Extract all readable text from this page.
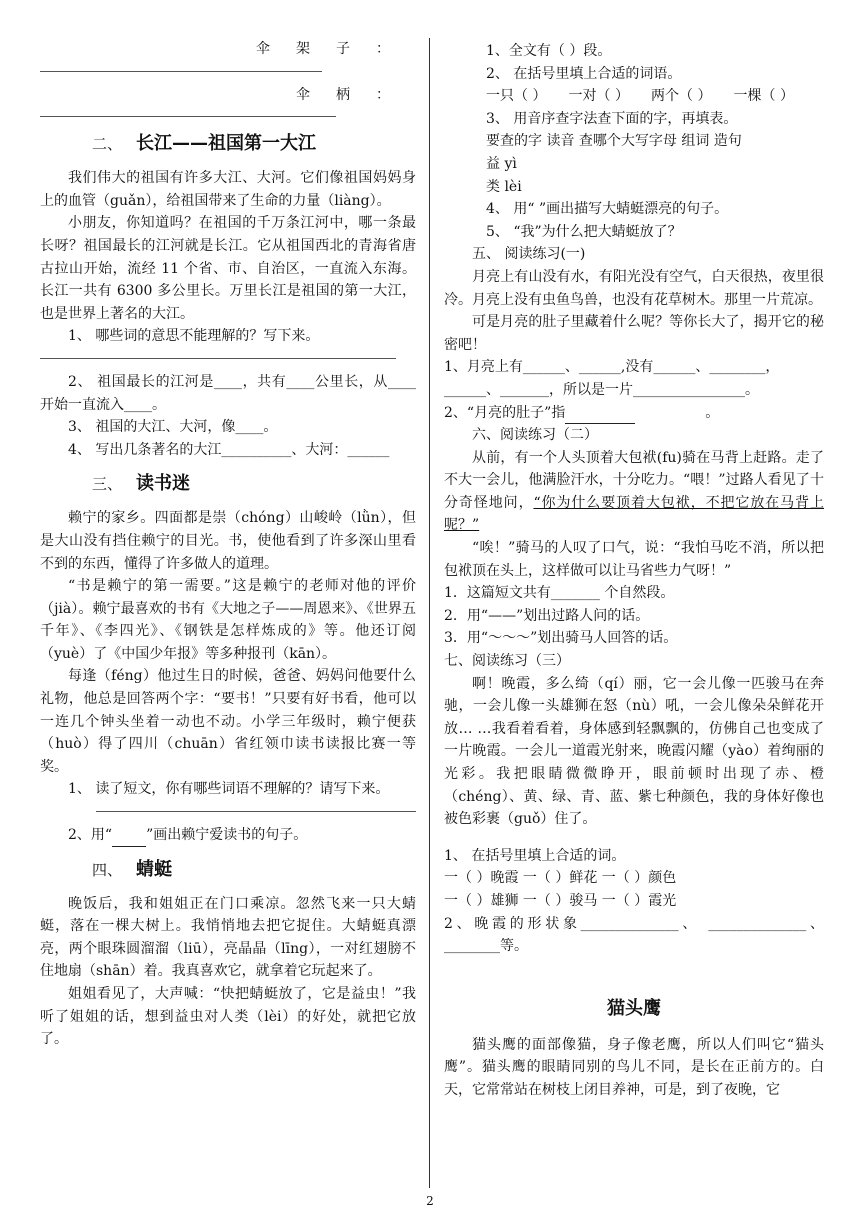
伞架子：

伞柄：

二、 长江——祖国第一大江

我们伟大的祖国有许多大江、大河。它们像祖国妈妈身上的血管（guǎn），给祖国带来了生命的力量（liàng）。

小朋友，你知道吗？在祖国的千万条江河中，哪一条最长呀？祖国最长的江河就是长江。它从祖国西北的青海省唐古拉山开始，流经 11 个省、市、自治区，一直流入东海。长江一共有 6300 多公里长。万里长江是祖国的第一大江，也是世界上著名的大江。

1、 哪些词的意思不能理解的？写下来。

2、 祖国最长的江河是____，共有____公里长，从____开始一直流入____。

3、 祖国的大江、大河，像____。

4、 写出几条著名的大江__________、大河：______

三、 读书迷

赖宁的家乡。四面都是崇（chóng）山峻岭（lǜn），但是大山没有挡住赖宁的目光。书，使他看到了许多深山里看不到的东西，懂得了许多做人的道理。

“书是赖宁的第一需要。”这是赖宁的老师对他的评价（jià）。赖宁最喜欢的书有《大地之子——周恩来》、《世界五千年》、《李四光》、《钢铁是怎样炼成的》等。他还订阅（yuè）了《中国少年报》等多种报刊（kān）。

每逢（féng）他过生日的时候，爸爸、妈妈问他要什么礼物，他总是回答两个字：“要书！”只要有好书看，他可以一连几个钟头坐着一动也不动。小学三年级时，赖宁便获（huò）得了四川（chuān）省红领巾读书读报比赛一等奖。

1、 读了短文，你有哪些词语不理解的？请写下来。

2、用“ ”画出赖宁爱读书的句子。

四、 蜻蜓

晚饭后，我和姐姐正在门口乘凉。忽然飞来一只大蜻蜓，落在一棵大树上。我悄悄地去把它捉住。大蜻蜓真漂亮，两个眼珠圆溜溜（liū），亮晶晶（līng），一对红翅膀不住地扇（shān）着。我真喜欢它，就拿着它玩起来了。

姐姐看见了，大声喊：“快把蜻蜓放了，它是益虫！”我听了姐姐的话，想到益虫对人类（lèi）的好处，就把它放了。

1、全文有（ ）段。

2、 在括号里填上合适的词语。

一只（ ） 一对（ ） 两个（ ） 一棵（ ）

3、 用音序查字法查下面的字，再填表。

要查的字 读音 查哪个大写字母 组词 造句

益 yì

类 lèi

4、 用“ ”画出描写大蜻蜓漂亮的句子。

5、 “我”为什么把大蜻蜓放了？

五、 阅读练习(一)

月亮上有山没有水，有阳光没有空气，白天很热，夜里很冷。月亮上没有虫鱼鸟兽，也没有花草树木。那里一片荒凉。

可是月亮的肚子里藏着什么呢？等你长大了，揭开它的秘密吧！

1、月亮上有______、______,没有______、________，

______、_______，所以是一片________________。

2、“月亮的肚子”指	。

六、阅读练习（二）

从前，有一个人头顶着大包袱(fu)骑在马背上赶路。走了不大一会儿，他满脸汗水，十分吃力。“喂！”过路人看见了十分奇怪地问，“你为什么要顶着大包袱，不把它放在马背上呢？”

“唉！”骑马的人叹了口气，说：“我怕马吃不消，所以把包袱顶在头上，这样做可以让马省些力气呀！”

1．这篇短文共有_______ 个自然段。

2．用“——”划出过路人问的话。

3．用“～～～”划出骑马人回答的话。

七、阅读练习（三）

啊！晚霞，多么绮（qí）丽，它一会儿像一匹骏马在奔驰，一会儿像一头雄狮在怒（nù）吼，一会儿像朵朵鲜花开放… …我看着看着，身体感到轻飘飘的，仿佛自己也变成了一片晚霞。一会儿一道霞光射来，晚霞闪耀（yào）着绚丽的光彩。我把眼睛微微睁开，眼前顿时出现了赤、橙（chéng）、黄、绿、青、蓝、紫七种颜色，我的身体好像也被色彩裹（guǒ）住了。

1、 在括号里填上合适的词。

一（ ）晚霞 一（ ）鲜花 一（ ）颜色

一（ ）雄狮 一（ ）骏马 一（ ）霞光

2、晚霞的形状象______________、 ______________、________等。

猫头鹰

猫头鹰的面部像猫，身子像老鹰，所以人们叫它“猫头鹰”。猫头鹰的眼睛同别的鸟儿不同，是长在正前方的。白天，它常常站在树枝上闭目养神，可是，到了夜晚，它

2
